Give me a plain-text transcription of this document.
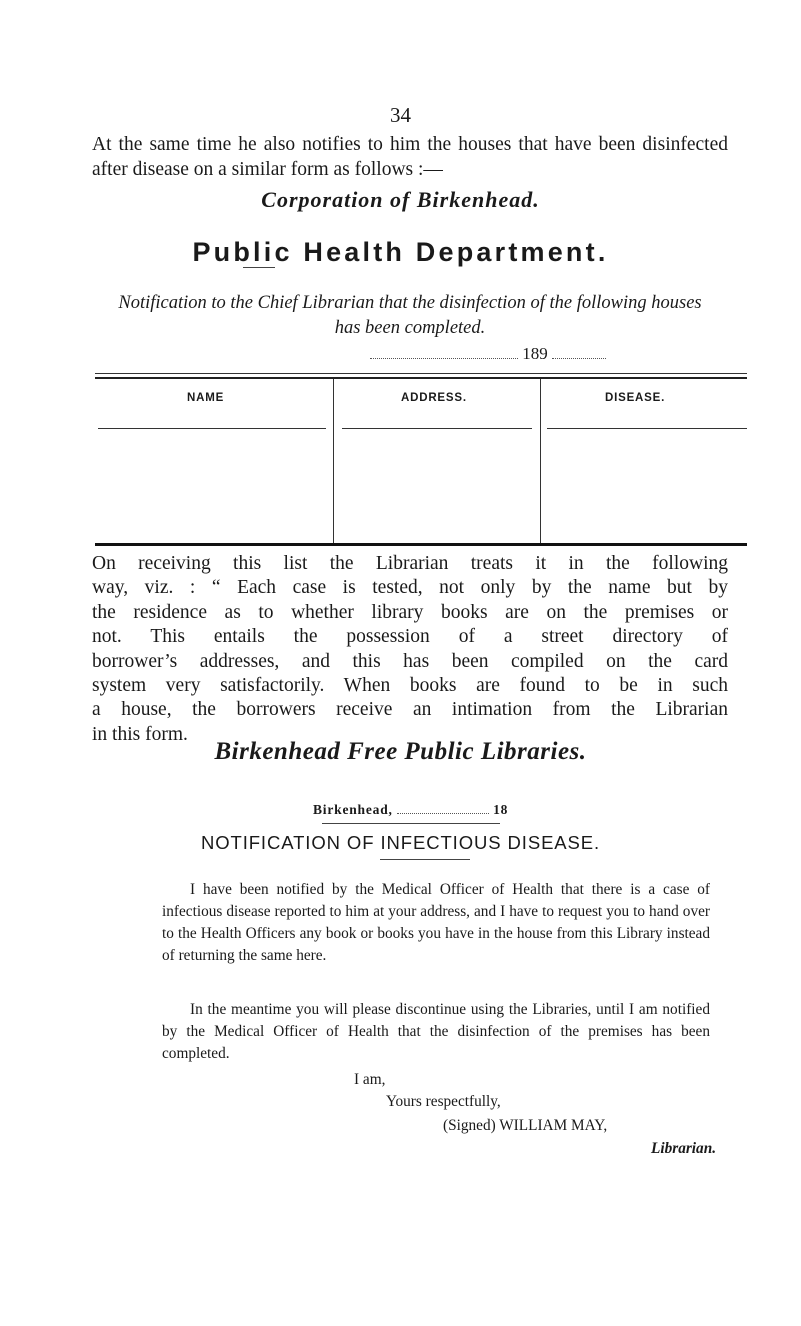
34
At the same time he also notifies to him the houses that have been disinfected after disease on a similar form as follows :—
Corporation of Birkenhead.
Public Health Department.
Notification to the Chief Librarian that the disinfection of the following houses has been completed.
189
NAME	ADDRESS.	DISEASE.
On receiving this list the Librarian treats it in the following
way, viz. : “ Each case is tested, not only by the name but by
the residence as to whether library books are on the premises or
not. This entails the possession of a street directory of
borrower’s addresses, and this has been compiled on the card
system very satisfactorily. When books are found to be in such
a house, the borrowers receive an intimation from the Librarian
in this form.
Birkenhead Free Public Libraries.
Birkenhead,	18
NOTIFICATION OF INFECTIOUS DISEASE.
I have been notified by the Medical Officer of Health that there is a case of infectious disease reported to him at your address, and I have to request you to hand over to the Health Officers any book or books you have in the house from this Library instead of returning the same here.
In the meantime you will please discontinue using the Libraries, until I am notified by the Medical Officer of Health that the disinfection of the premises has been completed.
I am,
Yours respectfully,
(Signed) WILLIAM MAY,
Librarian.
